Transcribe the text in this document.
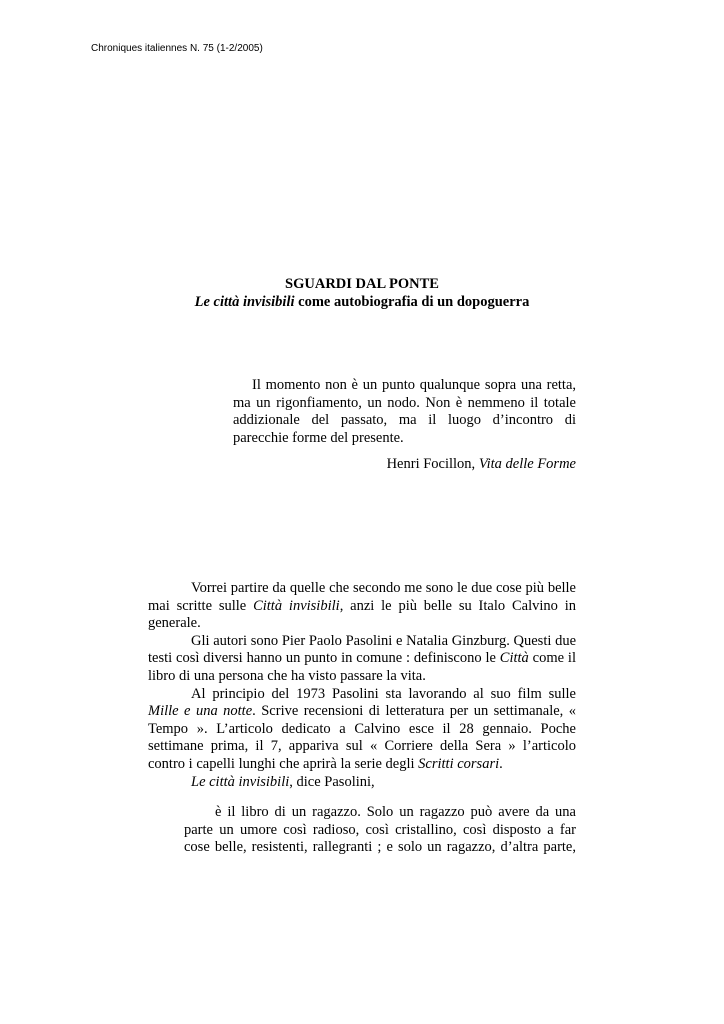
Chroniques italiennes N. 75 (1-2/2005)
SGUARDI DAL PONTE
Le città invisibili come autobiografia di un dopoguerra

Il momento non è un punto qualunque sopra una retta, ma un rigonfiamento, un nodo. Non è nemmeno il totale addizionale del passato, ma il luogo d’incontro di parecchie forme del presente.

Henri Focillon, Vita delle Forme

Vorrei partire da quelle che secondo me sono le due cose più belle mai scritte sulle Città invisibili, anzi le più belle su Italo Calvino in generale.

Gli autori sono Pier Paolo Pasolini e Natalia Ginzburg. Questi due testi così diversi hanno un punto in comune : definiscono le Città come il libro di una persona che ha visto passare la vita.

Al principio del 1973 Pasolini sta lavorando al suo film sulle Mille e una notte. Scrive recensioni di letteratura per un settimanale, « Tempo ». L’articolo dedicato a Calvino esce il 28 gennaio. Poche settimane prima, il 7, appariva sul « Corriere della Sera » l’articolo contro i capelli lunghi che aprirà la serie degli Scritti corsari.

Le città invisibili, dice Pasolini,

è il libro di un ragazzo. Solo un ragazzo può avere da una parte un umore così radioso, così cristallino, così disposto a far cose belle, resistenti, rallegranti ; e solo un ragazzo, d’altra parte,
